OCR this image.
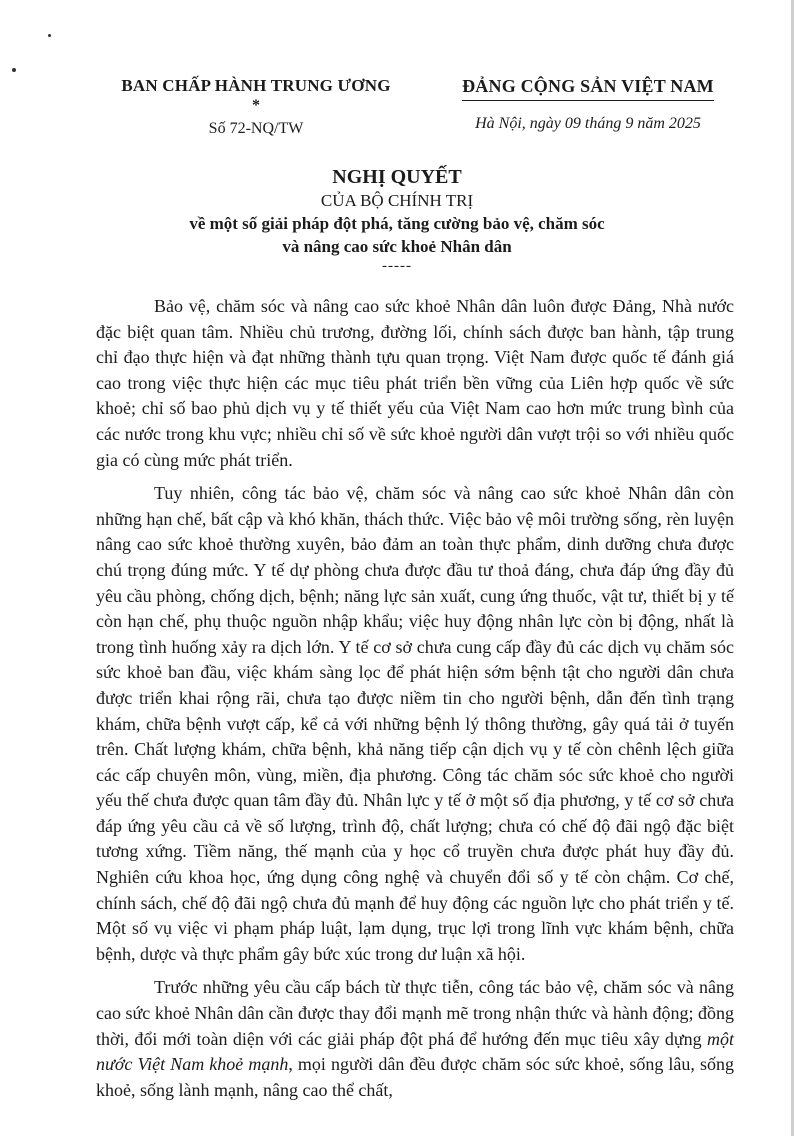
BAN CHẤP HÀNH TRUNG ƯƠNG
*
Số 72-NQ/TW
ĐẢNG CỘNG SẢN VIỆT NAM
Hà Nội, ngày 09 tháng 9 năm 2025
NGHỊ QUYẾT
CỦA BỘ CHÍNH TRỊ
về một số giải pháp đột phá, tăng cường bảo vệ, chăm sóc
và nâng cao sức khoẻ Nhân dân
-----

Bảo vệ, chăm sóc và nâng cao sức khoẻ Nhân dân luôn được Đảng, Nhà nước đặc biệt quan tâm. Nhiều chủ trương, đường lối, chính sách được ban hành, tập trung chỉ đạo thực hiện và đạt những thành tựu quan trọng. Việt Nam được quốc tế đánh giá cao trong việc thực hiện các mục tiêu phát triển bền vững của Liên hợp quốc về sức khoẻ; chỉ số bao phủ dịch vụ y tế thiết yếu của Việt Nam cao hơn mức trung bình của các nước trong khu vực; nhiều chỉ số về sức khoẻ người dân vượt trội so với nhiều quốc gia có cùng mức phát triển.

Tuy nhiên, công tác bảo vệ, chăm sóc và nâng cao sức khoẻ Nhân dân còn những hạn chế, bất cập và khó khăn, thách thức. Việc bảo vệ môi trường sống, rèn luyện nâng cao sức khoẻ thường xuyên, bảo đảm an toàn thực phẩm, dinh dưỡng chưa được chú trọng đúng mức. Y tế dự phòng chưa được đầu tư thoả đáng, chưa đáp ứng đầy đủ yêu cầu phòng, chống dịch, bệnh; năng lực sản xuất, cung ứng thuốc, vật tư, thiết bị y tế còn hạn chế, phụ thuộc nguồn nhập khẩu; việc huy động nhân lực còn bị động, nhất là trong tình huống xảy ra dịch lớn. Y tế cơ sở chưa cung cấp đầy đủ các dịch vụ chăm sóc sức khoẻ ban đầu, việc khám sàng lọc để phát hiện sớm bệnh tật cho người dân chưa được triển khai rộng rãi, chưa tạo được niềm tin cho người bệnh, dẫn đến tình trạng khám, chữa bệnh vượt cấp, kể cả với những bệnh lý thông thường, gây quá tải ở tuyến trên. Chất lượng khám, chữa bệnh, khả năng tiếp cận dịch vụ y tế còn chênh lệch giữa các cấp chuyên môn, vùng, miền, địa phương. Công tác chăm sóc sức khoẻ cho người yếu thế chưa được quan tâm đầy đủ. Nhân lực y tế ở một số địa phương, y tế cơ sở chưa đáp ứng yêu cầu cả về số lượng, trình độ, chất lượng; chưa có chế độ đãi ngộ đặc biệt tương xứng. Tiềm năng, thế mạnh của y học cổ truyền chưa được phát huy đầy đủ. Nghiên cứu khoa học, ứng dụng công nghệ và chuyển đổi số y tế còn chậm. Cơ chế, chính sách, chế độ đãi ngộ chưa đủ mạnh để huy động các nguồn lực cho phát triển y tế. Một số vụ việc vi phạm pháp luật, lạm dụng, trục lợi trong lĩnh vực khám bệnh, chữa bệnh, dược và thực phẩm gây bức xúc trong dư luận xã hội.

Trước những yêu cầu cấp bách từ thực tiễn, công tác bảo vệ, chăm sóc và nâng cao sức khoẻ Nhân dân cần được thay đổi mạnh mẽ trong nhận thức và hành động; đồng thời, đổi mới toàn diện với các giải pháp đột phá để hướng đến mục tiêu xây dựng một nước Việt Nam khoẻ mạnh, mọi người dân đều được chăm sóc sức khoẻ, sống lâu, sống khoẻ, sống lành mạnh, nâng cao thể chất,
